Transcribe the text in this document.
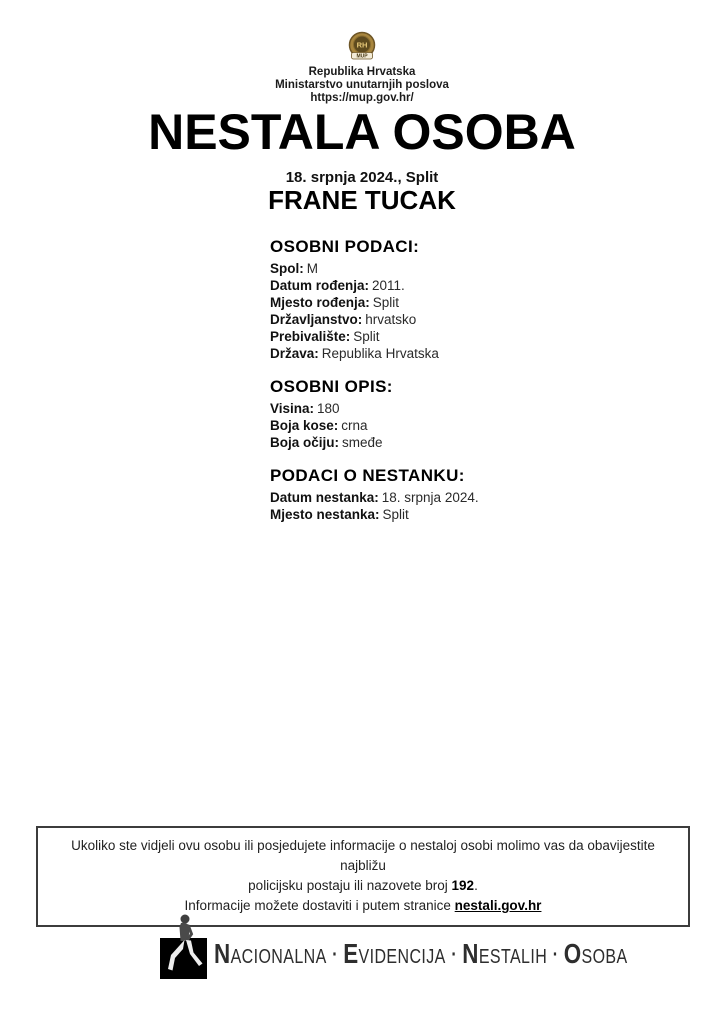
RH
MUP
Republika Hrvatska
Ministarstvo unutarnjih poslova
https://mup.gov.hr/
NESTALA OSOBA
18. srpnja 2024., Split
FRANE TUCAK
OSOBNI PODACI:
Spol: M
Datum rođenja: 2011.
Mjesto rođenja: Split
Državljanstvo: hrvatsko
Prebivalište: Split
Država: Republika Hrvatska
OSOBNI OPIS:
Visina: 180
Boja kose: crna
Boja očiju: smeđe
PODACI O NESTANKU:
Datum nestanka: 18. srpnja 2024.
Mjesto nestanka: Split
Ukoliko ste vidjeli ovu osobu ili posjedujete informacije o nestaloj osobi molimo vas da obavijestite najbližu
policijsku postaju ili nazovete broj 192.
Informacije možete dostaviti i putem stranice nestali.gov.hr
NACIONALNA · EVIDENCIJA · NESTALIH · OSOBA
